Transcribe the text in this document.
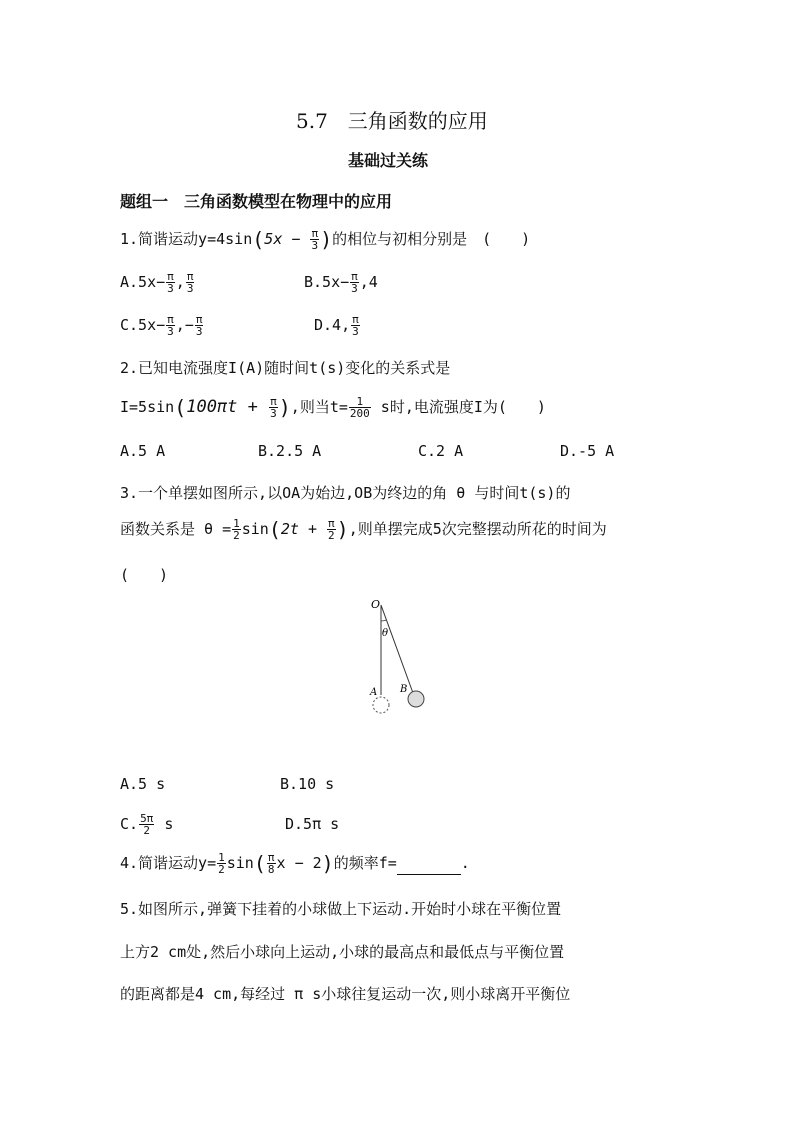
5.7　三角函数的应用
基础过关练
题组一　三角函数模型在物理中的应用
1.简谐运动$y=4\sin(5x - \frac{\pi}{3}$ )的相位与初相分别是　(　　)
$A.5x- \frac{\pi}{3}$ , $\frac{\pi}{3}$	$B.5x- \frac{\pi}{3} ,4$
$C.5x- \frac{\pi}{3}$ ,− $\frac{\pi}{3}$	D.4, $\frac{\pi}{3}$
2.已知电流强度I(A)随时间t(s)变化的关系式是
$I=5\sin(100\pi t + \frac{\pi}{3}$ ),则当$t= \frac{1}{200}$ s时,电流强度I为(　　)
A.5 A	B.2.5 A	C.2 A	D.-5 A
3.一个单摆如图所示,以OA为始边,OB为终边的角 θ 与时间t(s)的
函数关系是 $\theta = \frac{1}{2} \sin(2t + \frac{\pi}{2}$ ),则单摆完成5次完整摆动所花的时间为
(　　)
O
θ
A B
A.5 s	B.10 s
C. $\frac{5\pi}{2}$ s	D.5π s
4.简谐运动$y= \frac{1}{2} \sin( \frac{\pi}{8}$ x − 2)的频率f=	.
5.如图所示,弹簧下挂着的小球做上下运动.开始时小球在平衡位置
上方2 cm处,然后小球向上运动,小球的最高点和最低点与平衡位置
的距离都是4 cm,每经过 π s小球往复运动一次,则小球离开平衡位
